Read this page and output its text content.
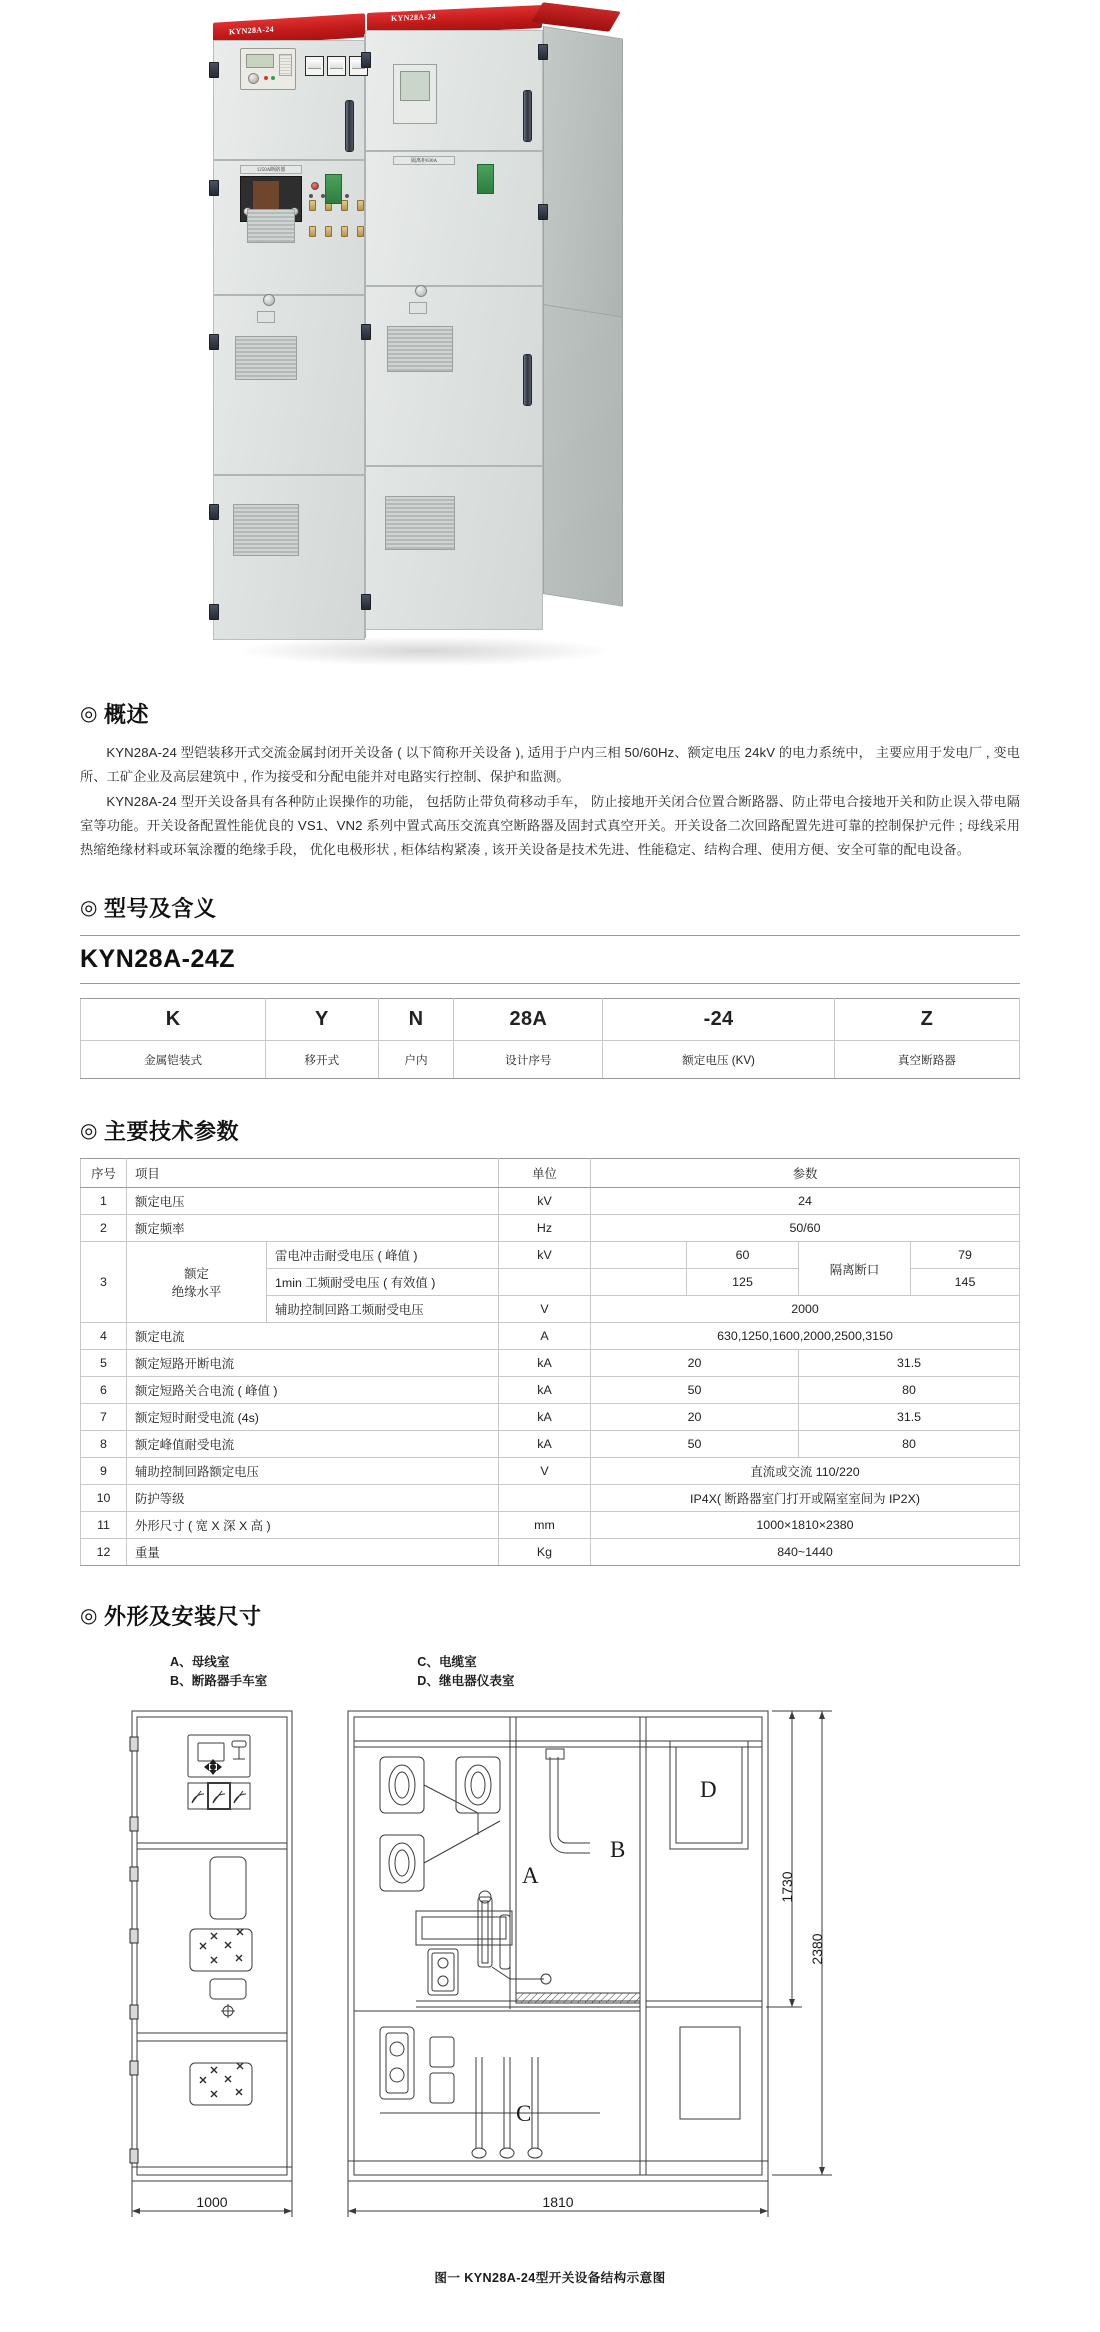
KYN28A-24
KYN28A-24
1250A断路器
隔离柜630A
◎ 概述

KYN28A-24 型铠装移开式交流金属封闭开关设备 ( 以下简称开关设备 ), 适用于户内三相 50/60Hz、额定电压 24kV 的电力系统中， 主要应用于发电厂 , 变电所、工矿企业及高层建筑中 , 作为接受和分配电能并对电路实行控制、保护和监测。

KYN28A-24 型开关设备具有各种防止误操作的功能， 包括防止带负荷移动手车， 防止接地开关闭合位置合断路器、防止带电合接地开关和防止误入带电隔室等功能。开关设备配置性能优良的 VS1、VN2 系列中置式高压交流真空断路器及固封式真空开关。开关设备二次回路配置先进可靠的控制保护元件 ; 母线采用热缩绝缘材料或环氧涂覆的绝缘手段， 优化电极形状 , 柜体结构紧凑 , 该开关设备是技术先进、性能稳定、结构合理、使用方便、安全可靠的配电设备。

◎ 型号及含义
KYN28A-24Z
K	Y	N	28A	-24	Z
金属铠装式	移开式	户内	设计序号	额定电压 (KV)	真空断路器
◎ 主要技术参数
序号	项目		单位	参数			
1	额定电压		kV	24			
2	额定频率		Hz	50/60			
3	额定
绝缘水平	雷电冲击耐受电压 ( 峰值 )	kV		60	隔离断口	79
		1min 工频耐受电压 ( 有效值 )			125		145
		辅助控制回路工频耐受电压	V	2000			
4	额定电流		A	630,1250,1600,2000,2500,3150			
5	额定短路开断电流		kA	20		31.5	
6	额定短路关合电流 ( 峰值 )		kA	50		80	
7	额定短时耐受电流 (4s)		kA	20		31.5	
8	额定峰值耐受电流		kA	50		80	
9	辅助控制回路额定电压		V	直流或交流 110/220			
10	防护等级			IP4X( 断路器室门打开或隔室室间为 IP2X)			
11	外形尺寸 ( 宽 X 深 X 高 )		mm	1000×1810×2380			
12	重量		Kg	840~1440			
◎ 外形及安装尺寸
A、母线室
B、断路器手车室
C、电缆室
D、继电器仪表室
A
B
C
D
1000	1810
2380
1730
图一 KYN28A-24型开关设备结构示意图
